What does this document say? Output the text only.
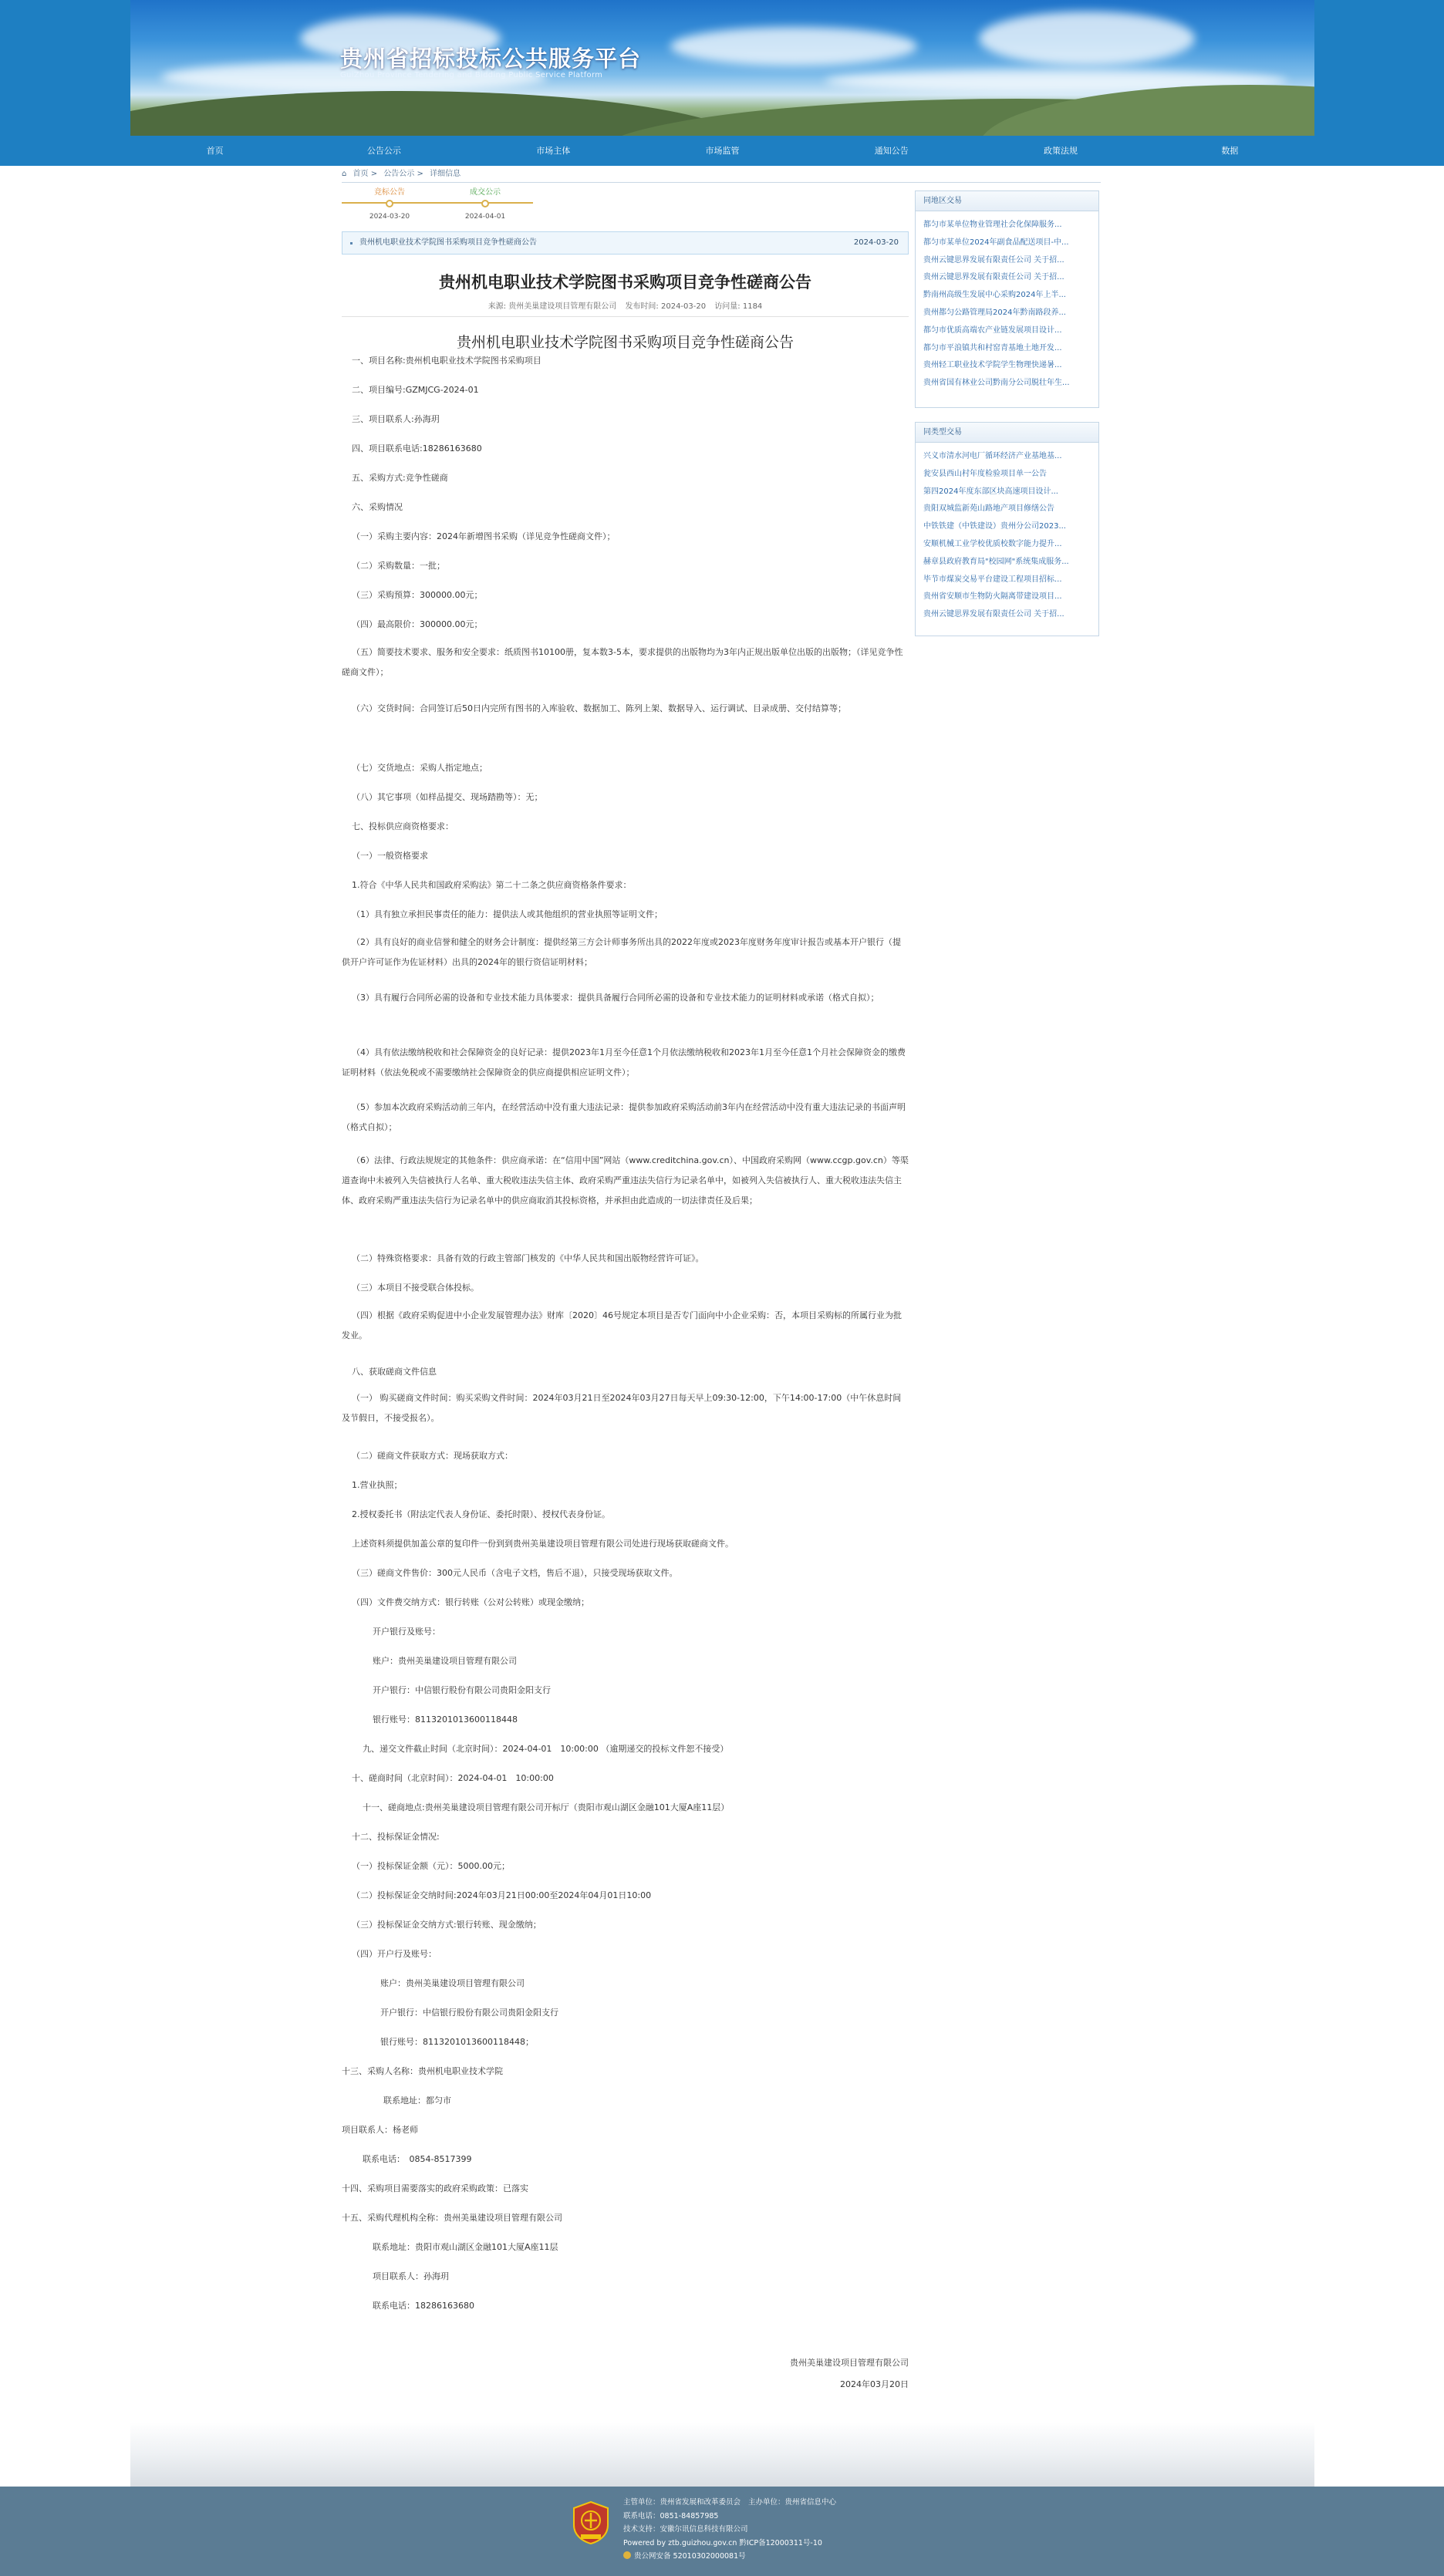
贵州省招标投标公共服务平台
GuiZhou Province Tendering and Bidding Public Service Platform
首页	公告公示	市场主体	市场监管	通知公告	政策法规	数据
⌂ 首页 > 公告公示 > 详细信息
竞标公告
2024-03-20
成交公示
2024-04-01
贵州机电职业技术学院图书采购项目竞争性磋商公告	2024-03-20
贵州机电职业技术学院图书采购项目竞争性磋商公告
来源: 贵州美巢建设项目管理有限公司 发布时间: 2024-03-20 访问量: 1184
贵州机电职业技术学院图书采购项目竞争性磋商公告
一、项目名称:贵州机电职业技术学院图书采购项目
二、项目编号:GZMJCG-2024-01
三、项目联系人:孙海玥
四、项目联系电话:18286163680
五、采购方式:竞争性磋商
六、采购情况
（一）采购主要内容：2024年新增图书采购（详见竞争性磋商文件）；
（二）采购数量：一批；
（三）采购预算：300000.00元；
（四）最高限价：300000.00元；
（五）简要技术要求、服务和安全要求：纸质图书10100册，复本数3-5本，要求提供的出版物均为3年内正规出版单位出版的出版物；（详见竞争性磋商文件）；
（六）交货时间：合同签订后50日内完所有图书的入库验收、数据加工、陈列上架、数据导入、运行调试、目录成册、交付结算等；
（七）交货地点：采购人指定地点；
（八）其它事项（如样品提交、现场踏勘等）：无；
七、投标供应商资格要求：
（一）一般资格要求
1.符合《中华人民共和国政府采购法》第二十二条之供应商资格条件要求：
（1）具有独立承担民事责任的能力：提供法人或其他组织的营业执照等证明文件；
（2）具有良好的商业信誉和健全的财务会计制度：提供经第三方会计师事务所出具的2022年度或2023年度财务年度审计报告或基本开户银行（提供开户许可证作为佐证材料）出具的2024年的银行资信证明材料；
（3）具有履行合同所必需的设备和专业技术能力具体要求：提供具备履行合同所必需的设备和专业技术能力的证明材料或承诺（格式自拟）；
（4）具有依法缴纳税收和社会保障资金的良好记录：提供2023年1月至今任意1个月依法缴纳税收和2023年1月至今任意1个月社会保障资金的缴费证明材料（依法免税或不需要缴纳社会保障资金的供应商提供相应证明文件）；
（5）参加本次政府采购活动前三年内，在经营活动中没有重大违法记录：提供参加政府采购活动前3年内在经营活动中没有重大违法记录的书面声明（格式自拟）；
（6）法律、行政法规规定的其他条件：供应商承诺：在“信用中国”网站（www.creditchina.gov.cn）、中国政府采购网（www.ccgp.gov.cn）等渠道查询中未被列入失信被执行人名单、重大税收违法失信主体、政府采购严重违法失信行为记录名单中，如被列入失信被执行人、重大税收违法失信主体、政府采购严重违法失信行为记录名单中的供应商取消其投标资格，并承担由此造成的一切法律责任及后果；
（二）特殊资格要求：具备有效的行政主管部门核发的《中华人民共和国出版物经营许可证》。
（三）本项目不接受联合体投标。
（四）根据《政府采购促进中小企业发展管理办法》财库〔2020〕46号规定本项目是否专门面向中小企业采购：否，本项目采购标的所属行业为批发业。
八、获取磋商文件信息
（一） 购买磋商文件时间：购买采购文件时间：2024年03月21日至2024年03月27日每天早上09:30-12:00，下午14:00-17:00（中午休息时间及节假日，不接受报名）。
（二）磋商文件获取方式：现场获取方式：
1.营业执照；
2.授权委托书（附法定代表人身份证、委托时限）、授权代表身份证。
上述资料须提供加盖公章的复印件一份到到贵州美巢建设项目管理有限公司处进行现场获取磋商文件。
（三）磋商文件售价：300元人民币（含电子文档，售后不退），只接受现场获取文件。
（四）文件费交纳方式：银行转账（公对公转账）或现金缴纳；
开户银行及账号：
账户：贵州美巢建设项目管理有限公司
开户银行：中信银行股份有限公司贵阳金阳支行
银行账号：8113201013600118448
九、递交文件截止时间（北京时间）：2024-04-01　10:00:00 （逾期递交的投标文件恕不接受）
十、磋商时间（北京时间）：2024-04-01　10:00:00
十一、磋商地点:贵州美巢建设项目管理有限公司开标厅（贵阳市观山湖区金融101大厦A座11层）
十二、投标保证金情况:
（一）投标保证金额（元）：5000.00元；
（二）投标保证金交纳时间:2024年03月21日00:00至2024年04月01日10:00
（三）投标保证金交纳方式:银行转账、现金缴纳；
（四）开户行及账号：
账户：贵州美巢建设项目管理有限公司
开户银行：中信银行股份有限公司贵阳金阳支行
银行账号：8113201013600118448；
十三、采购人名称：贵州机电职业技术学院
联系地址：都匀市
项目联系人：杨老师
联系电话：　0854-8517399
十四、采购项目需要落实的政府采购政策：已落实
十五、采购代理机构全称：贵州美巢建设项目管理有限公司
联系地址：贵阳市观山湖区金融101大厦A座11层
项目联系人：孙海玥
联系电话：18286163680
贵州美巢建设项目管理有限公司
2024年03月20日
同地区交易
都匀市某单位物业管理社会化保障服务...
都匀市某单位2024年副食品配送项目-中...
贵州云键思界发展有限责任公司 关于招...
贵州云键思界发展有限责任公司 关于招...
黔南州高级生发展中心采购2024年上半...
贵州都匀公路管理局2024年黔南路段养...
都匀市优质高端农产业链发展项目设计...
都匀市平浪镇共和村窑青基地土地开发...
贵州轻工职业技术学院学生物理快递暑...
贵州省国有林业公司黔南分公司脱壮年生...
同类型交易
兴义市清水河电厂循环经济产业基地基...
瓮安县西山村年度检验项目单一公告
第四2024年度东部区块高速项目设计...
贵阳双城监新苑山路地产项目修缮公告
中铁铁建（中铁建设）贵州分公司2023...
安顺机械工业学校优质校数字能力提升...
赫章县政府教育局"校园网"系统集成服务...
毕节市煤炭交易平台建设工程项目招标...
贵州省安顺市生物防火隔离带建设项目...
贵州云键思界发展有限责任公司 关于招...
主管单位：贵州省发展和改革委员会 主办单位：贵州省信息中心
联系电话：0851-84857985
技术支持：安徽尔讯信息科技有限公司
Powered by ztb.guizhou.gov.cn 黔ICP备12000311号-10
贵公网安备 52010302000081号
